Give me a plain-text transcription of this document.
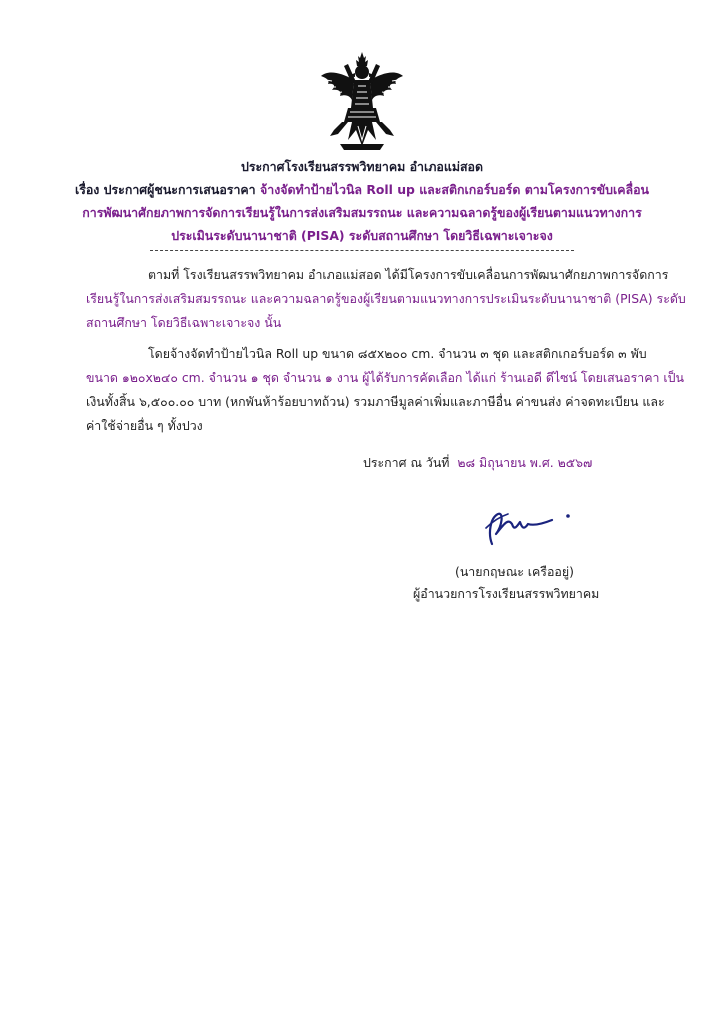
ประกาศโรงเรียนสรรพวิทยาคม อำเภอแม่สอด
เรื่อง ประกาศผู้ชนะการเสนอราคา จ้างจัดทำป้ายไวนิล Roll up และสติกเกอร์บอร์ด ตามโครงการขับเคลื่อน
การพัฒนาศักยภาพการจัดการเรียนรู้ในการส่งเสริมสมรรถนะ และความฉลาดรู้ของผู้เรียนตามแนวทางการ
ประเมินระดับนานาชาติ (PISA) ระดับสถานศึกษา โดยวิธีเฉพาะเจาะจง
ตามที่ โรงเรียนสรรพวิทยาคม อำเภอแม่สอด ได้มีโครงการขับเคลื่อนการพัฒนาศักยภาพการจัดการ
เรียนรู้ในการส่งเสริมสมรรถนะ และความฉลาดรู้ของผู้เรียนตามแนวทางการประเมินระดับนานาชาติ (PISA) ระดับ
สถานศึกษา โดยวิธีเฉพาะเจาะจง นั้น
โดยจ้างจัดทำป้ายไวนิล Roll up ขนาด ๘๕x๒๐๐ cm. จำนวน ๓ ชุด และสติกเกอร์บอร์ด ๓ พับ
ขนาด ๑๒๐x๒๔๐ cm. จำนวน ๑ ชุด จำนวน ๑ งาน ผู้ได้รับการคัดเลือก ได้แก่ ร้านเอดี ดีไซน์ โดยเสนอราคา เป็น
เงินทั้งสิ้น ๖,๕๐๐.๐๐ บาท (หกพันห้าร้อยบาทถ้วน) รวมภาษีมูลค่าเพิ่มและภาษีอื่น ค่าขนส่ง ค่าจดทะเบียน และ
ค่าใช้จ่ายอื่น ๆ ทั้งปวง
ประกาศ ณ วันที่ ๒๘ มิถุนายน พ.ศ. ๒๕๖๗
(นายกฤษณะ เครืออยู่)
ผู้อำนวยการโรงเรียนสรรพวิทยาคม
